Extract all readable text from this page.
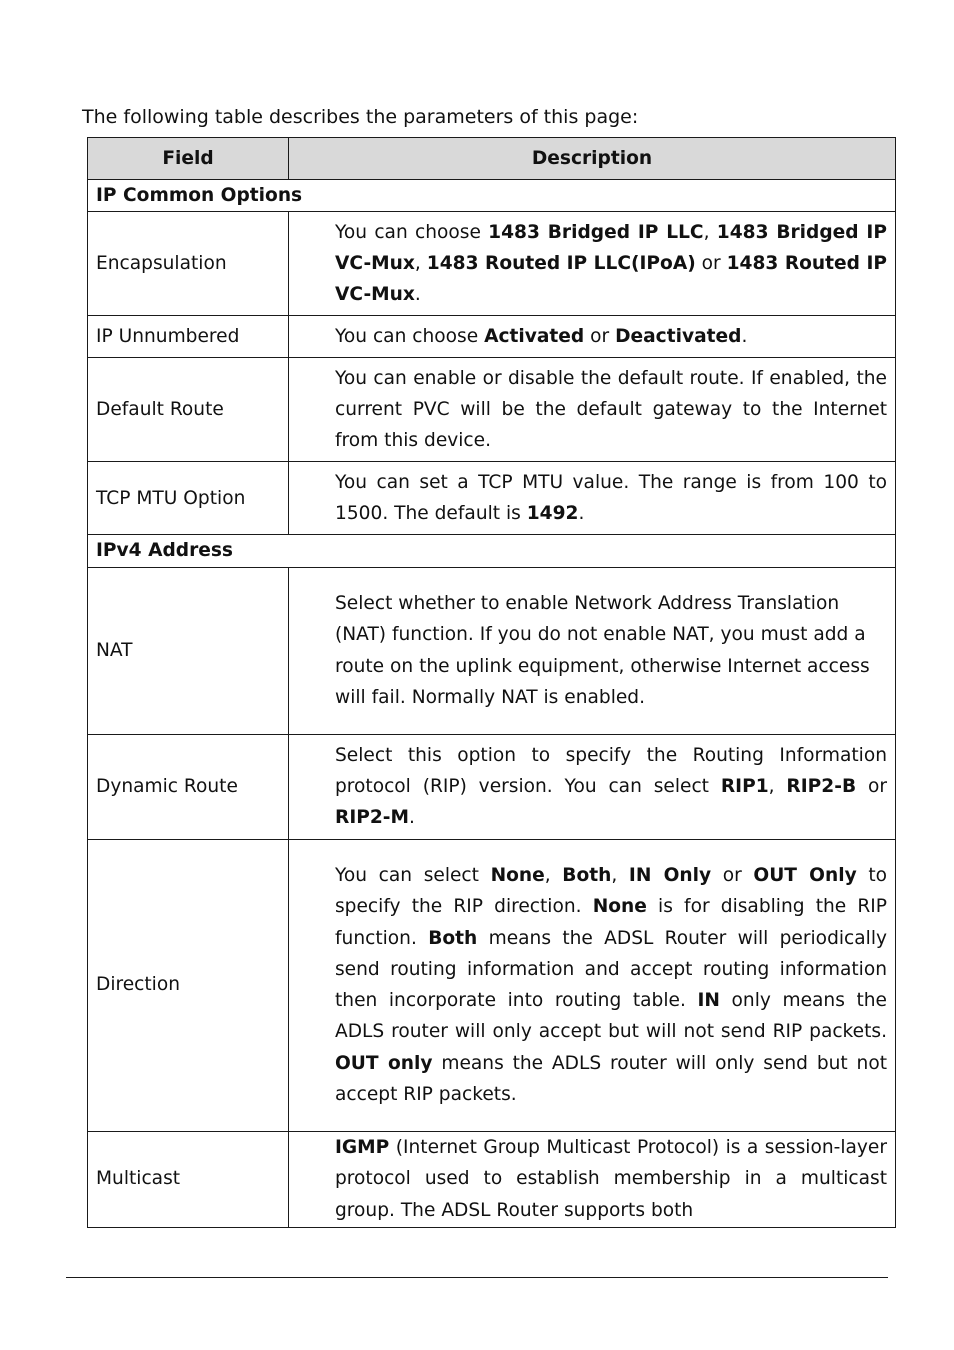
The following table describes the parameters of this page:

Field	Description
IP Common Options	
Encapsulation	You can choose 1483 Bridged IP LLC, 1483 Bridged IP VC-Mux, 1483 Routed IP LLC(IPoA) or 1483 Routed IP VC-Mux.
IP Unnumbered	You can choose Activated or Deactivated.
Default Route	You can enable or disable the default route. If enabled, the current PVC will be the default gateway to the Internet from this device.
TCP MTU Option	You can set a TCP MTU value. The range is from 100 to 1500. The default is 1492.
IPv4 Address	
NAT	Select whether to enable Network Address Translation (NAT) function. If you do not enable NAT, you must add a route on the uplink equipment, otherwise Internet access will fail. Normally NAT is enabled.
Dynamic Route	Select this option to specify the Routing Information protocol (RIP) version. You can select RIP1, RIP2-B or RIP2-M.
Direction	You can select None, Both, IN Only or OUT Only to specify the RIP direction. None is for disabling the RIP function. Both means the ADSL Router will periodically send routing information and accept routing information then incorporate into routing table. IN only means the ADLS router will only accept but will not send RIP packets. OUT only means the ADLS router will only send but not accept RIP packets.
Multicast	IGMP (Internet Group Multicast Protocol) is a session-layer protocol used to establish membership in a multicast group. The ADSL Router supports both
